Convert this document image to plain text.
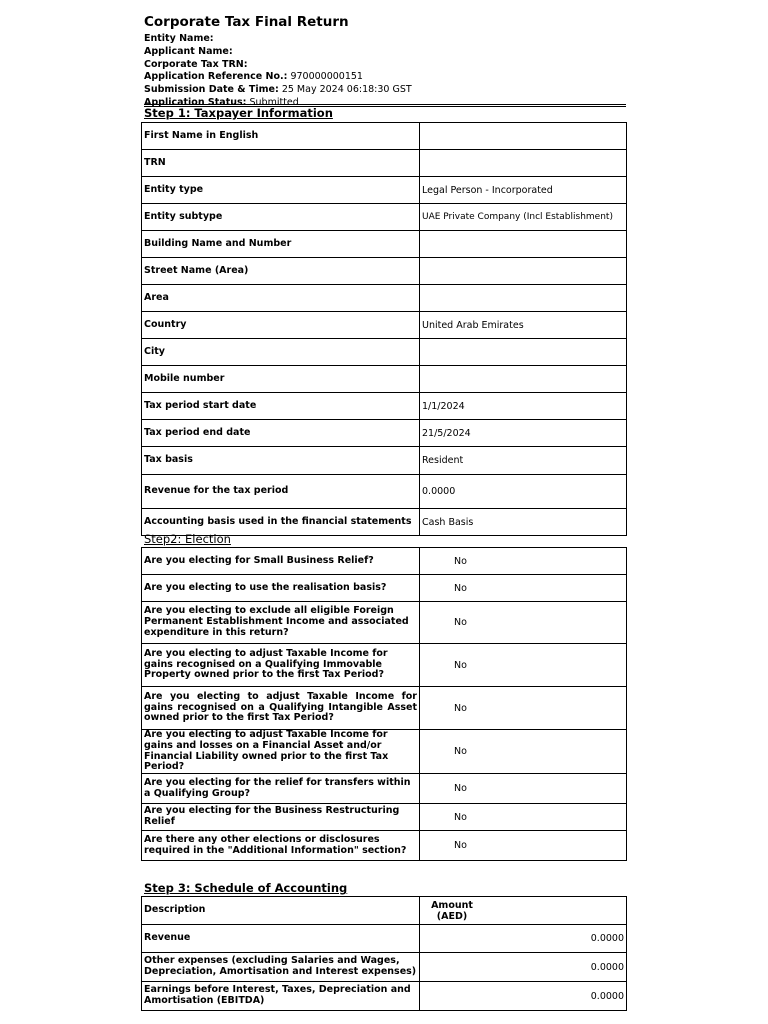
Corporate Tax Final Return
Entity Name:
Applicant Name:
Corporate Tax TRN:
Application Reference No.: 970000000151
Submission Date & Time: 25 May 2024 06:18:30 GST
Application Status: Submitted
Step 1: Taxpayer Information
First Name in English	
TRN	
Entity type	Legal Person - Incorporated
Entity subtype	UAE Private Company (Incl Establishment)
Building Name and Number	
Street Name (Area)	
Area	
Country	United Arab Emirates
City	
Mobile number	
Tax period start date	1/1/2024
Tax period end date	21/5/2024
Tax basis	Resident
Revenue for the tax period	0.0000
Accounting basis used in the financial statements	Cash Basis
Step2: Election
Are you electing for Small Business Relief?	No
Are you electing to use the realisation basis?	No
Are you electing to exclude all eligible Foreign Permanent Establishment Income and associated expenditure in this return?	No
Are you electing to adjust Taxable Income for gains recognised on a Qualifying Immovable Property owned prior to the first Tax Period?	No
Are you electing to adjust Taxable Income for gains recognised on a Qualifying Intangible Asset owned prior to the first Tax Period?	No
Are you electing to adjust Taxable Income for gains and losses on a Financial Asset and/or Financial Liability owned prior to the first Tax Period?	No
Are you electing for the relief for transfers within a Qualifying Group?	No
Are you electing for the Business Restructuring Relief	No
Are there any other elections or disclosures required in the "Additional Information" section?	No
Step 3: Schedule of Accounting
Description	Amount
(AED)

Revenue	0.0000
Other expenses (excluding Salaries and Wages, Depreciation, Amortisation and Interest expenses)	0.0000
Earnings before Interest, Taxes, Depreciation and Amortisation (EBITDA)	0.0000
